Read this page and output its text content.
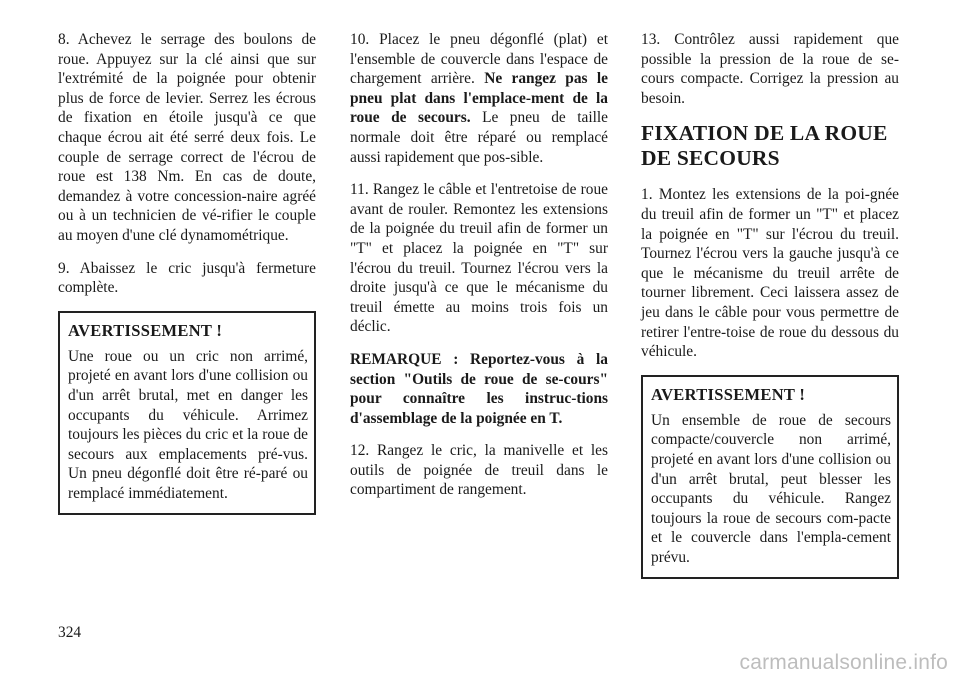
8. Achevez le serrage des boulons de roue. Appuyez sur la clé ainsi que sur l'extrémité de la poignée pour obtenir plus de force de levier. Serrez les écrous de fixation en étoile jusqu'à ce que chaque écrou ait été serré deux fois. Le couple de serrage correct de l'écrou de roue est 138 Nm. En cas de doute, demandez à votre concession-naire agréé ou à un technicien de vé-rifier le couple au moyen d'une clé dynamométrique.

9. Abaissez le cric jusqu'à fermeture complète.

AVERTISSEMENT !

Une roue ou un cric non arrimé, projeté en avant lors d'une collision ou d'un arrêt brutal, met en danger les occupants du véhicule. Arrimez toujours les pièces du cric et la roue de secours aux emplacements pré-vus. Un pneu dégonflé doit être ré-paré ou remplacé immédiatement.

10. Placez le pneu dégonflé (plat) et l'ensemble de couvercle dans l'espace de chargement arrière. Ne rangez pas le pneu plat dans l'emplace-ment de la roue de secours. Le pneu de taille normale doit être réparé ou remplacé aussi rapidement que pos-sible.

11. Rangez le câble et l'entretoise de roue avant de rouler. Remontez les extensions de la poignée du treuil afin de former un "T" et placez la poignée en "T" sur l'écrou du treuil. Tournez l'écrou vers la droite jusqu'à ce que le mécanisme du treuil émette au moins trois fois un déclic.

REMARQUE : Reportez-vous à la section "Outils de roue de se-cours" pour connaître les instruc-tions d'assemblage de la poignée en T.

12. Rangez le cric, la manivelle et les outils de poignée de treuil dans le compartiment de rangement.

13. Contrôlez aussi rapidement que possible la pression de la roue de se-cours compacte. Corrigez la pression au besoin.

FIXATION DE LA ROUE DE SECOURS

1. Montez les extensions de la poi-gnée du treuil afin de former un "T" et placez la poignée en "T" sur l'écrou du treuil. Tournez l'écrou vers la gauche jusqu'à ce que le mécanisme du treuil arrête de tourner librement. Ceci laissera assez de jeu dans le câble pour vous permettre de retirer l'entre-toise de roue du dessous du véhicule.

AVERTISSEMENT !

Un ensemble de roue de secours compacte/couvercle non arrimé, projeté en avant lors d'une collision ou d'un arrêt brutal, peut blesser les occupants du véhicule. Rangez toujours la roue de secours com-pacte et le couvercle dans l'empla-cement prévu.

324
carmanualsonline.info
